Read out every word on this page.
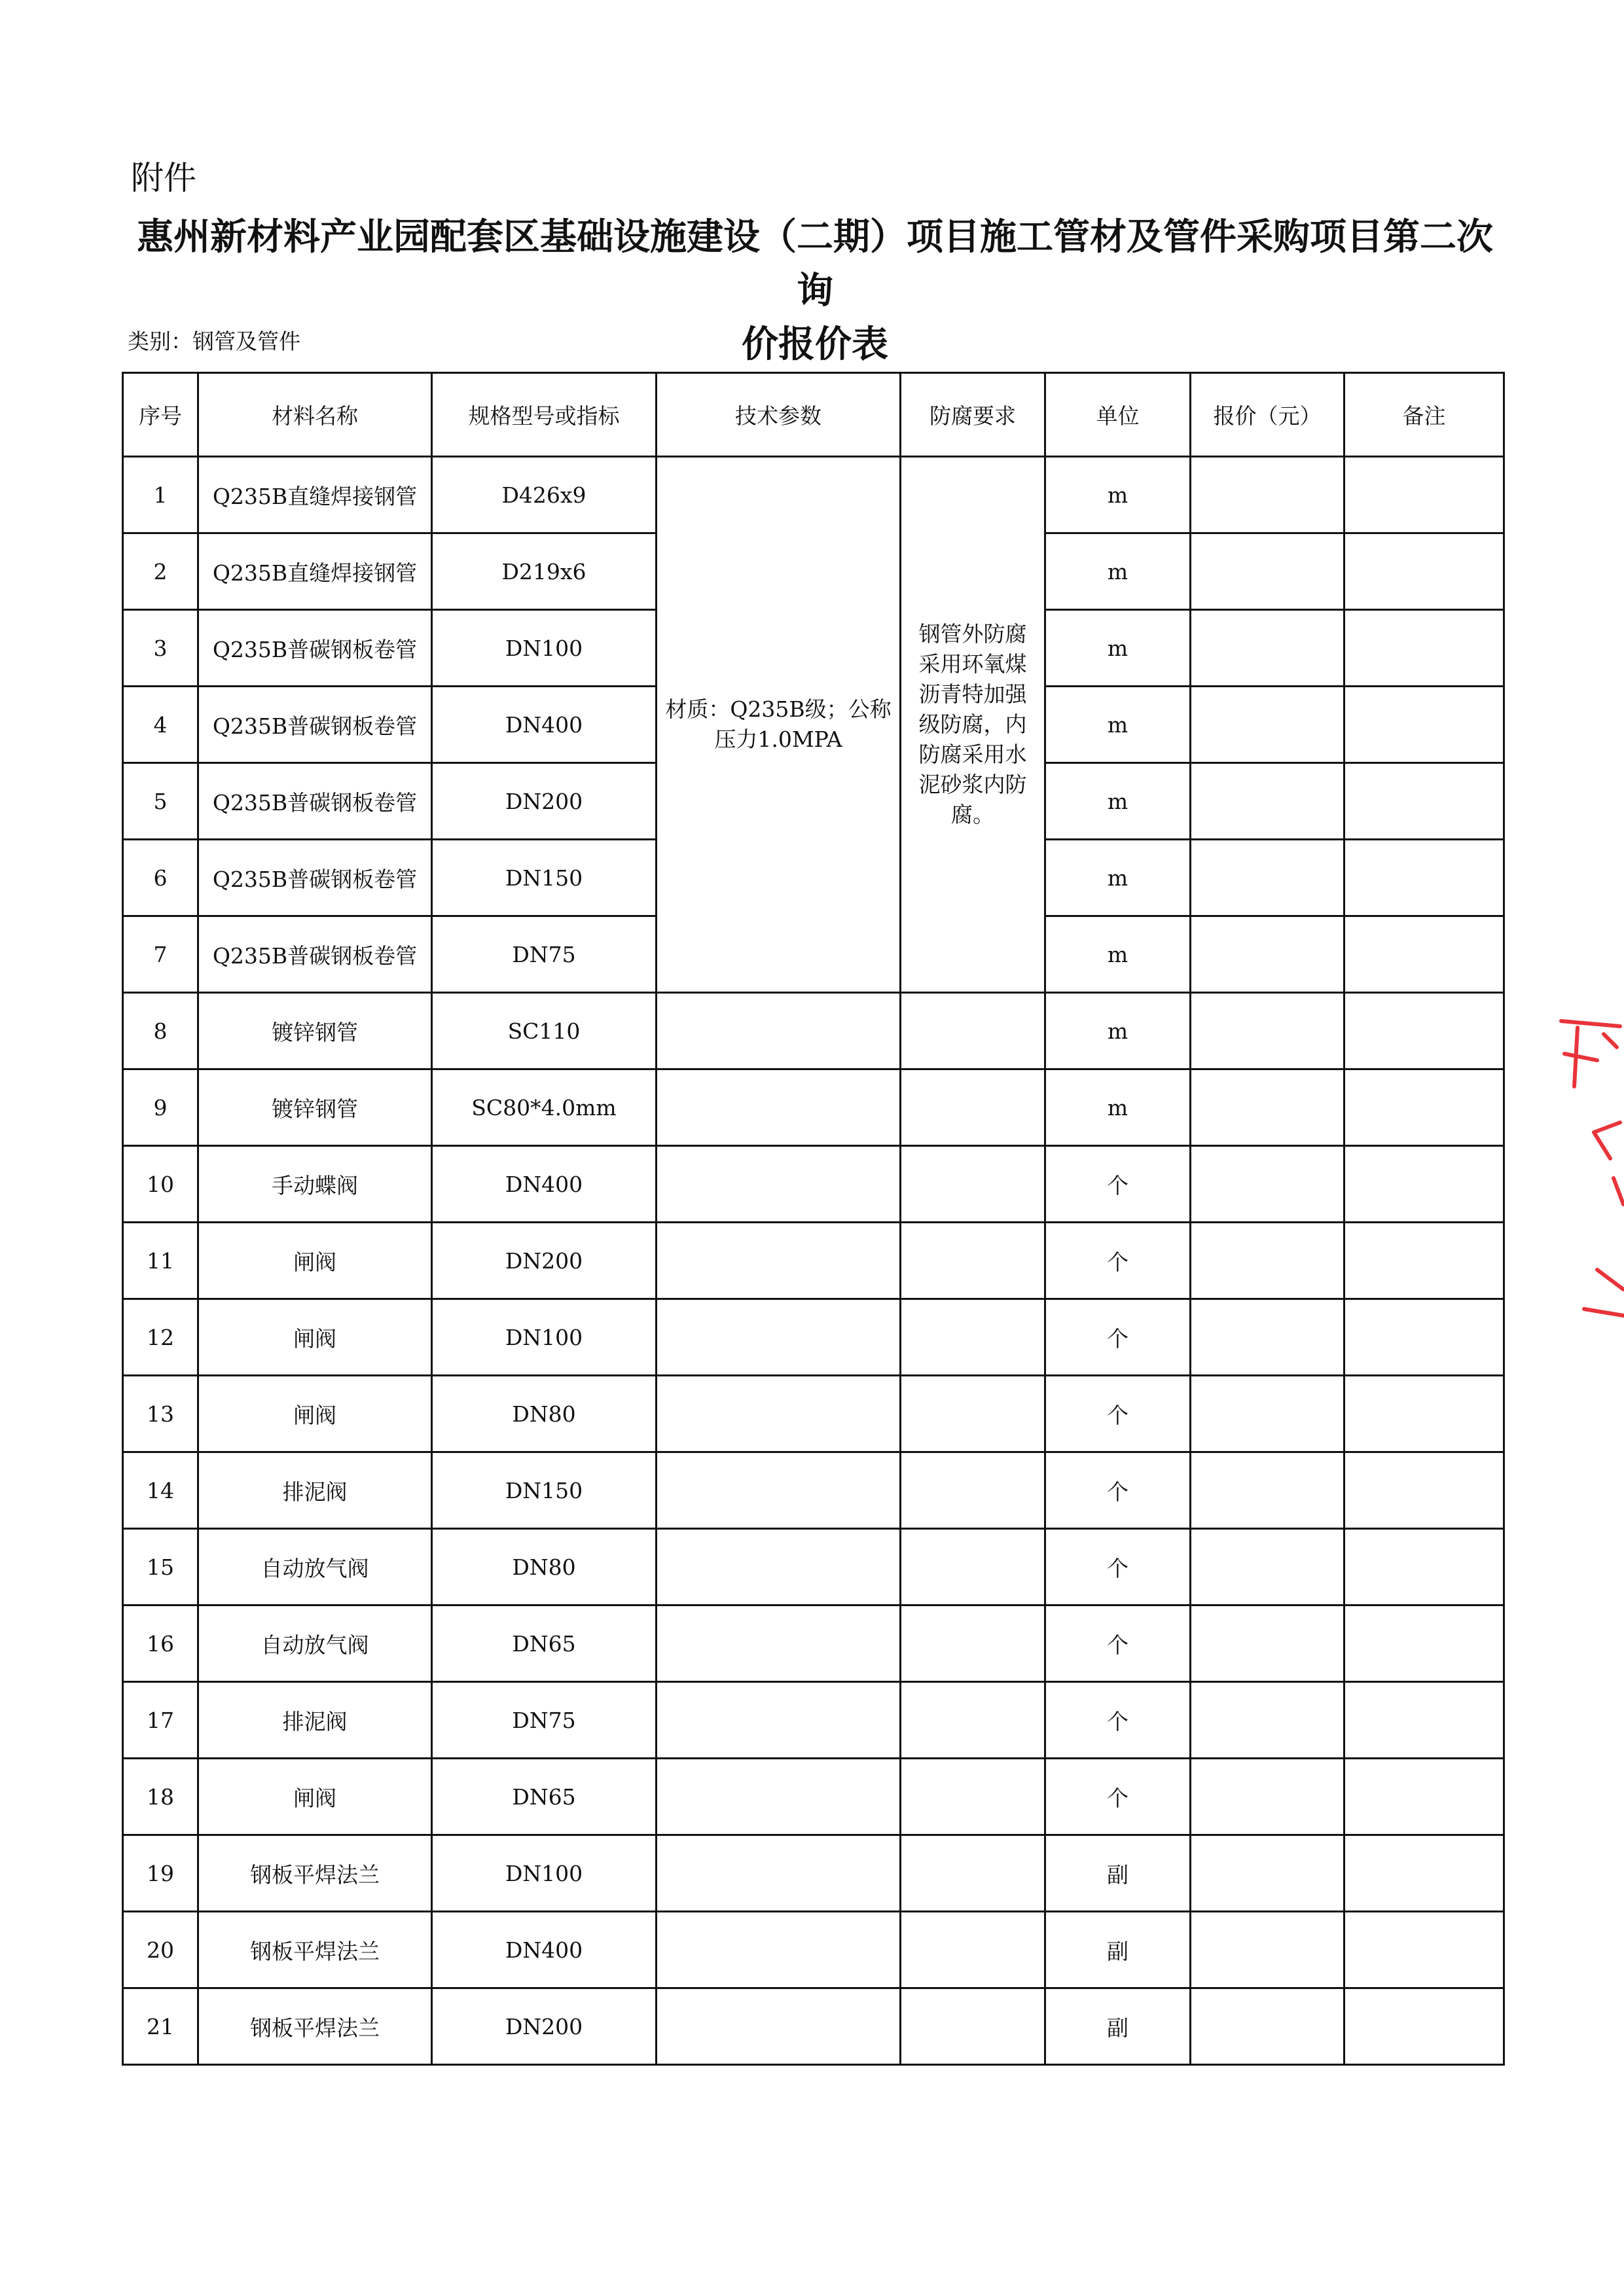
附件
惠州新材料产业园配套区基础设施建设（二期）项目施工管材及管件采购项目第二次询
价报价表
类别：钢管及管件
序号	材料名称	规格型号或指标	技术参数	防腐要求	单位	报价（元）	备注
1	Q235B直缝焊接钢管	D426x9	材质：Q235B级；公称压力1.0MPA	钢管外防腐采用环氧煤沥青特加强级防腐，内防腐采用水泥砂浆内防腐。	m		
2	Q235B直缝焊接钢管	D219x6			m		
3	Q235B普碳钢板卷管	DN100			m		
4	Q235B普碳钢板卷管	DN400			m		
5	Q235B普碳钢板卷管	DN200			m		
6	Q235B普碳钢板卷管	DN150			m		
7	Q235B普碳钢板卷管	DN75			m		
8	镀锌钢管	SC110			m		
9	镀锌钢管	SC80*4.0mm			m		
10	手动蝶阀	DN400			个		
11	闸阀	DN200			个		
12	闸阀	DN100			个		
13	闸阀	DN80			个		
14	排泥阀	DN150			个		
15	自动放气阀	DN80			个		
16	自动放气阀	DN65			个		
17	排泥阀	DN75			个		
18	闸阀	DN65			个		
19	钢板平焊法兰	DN100			副		
20	钢板平焊法兰	DN400			副		
21	钢板平焊法兰	DN200			副		
